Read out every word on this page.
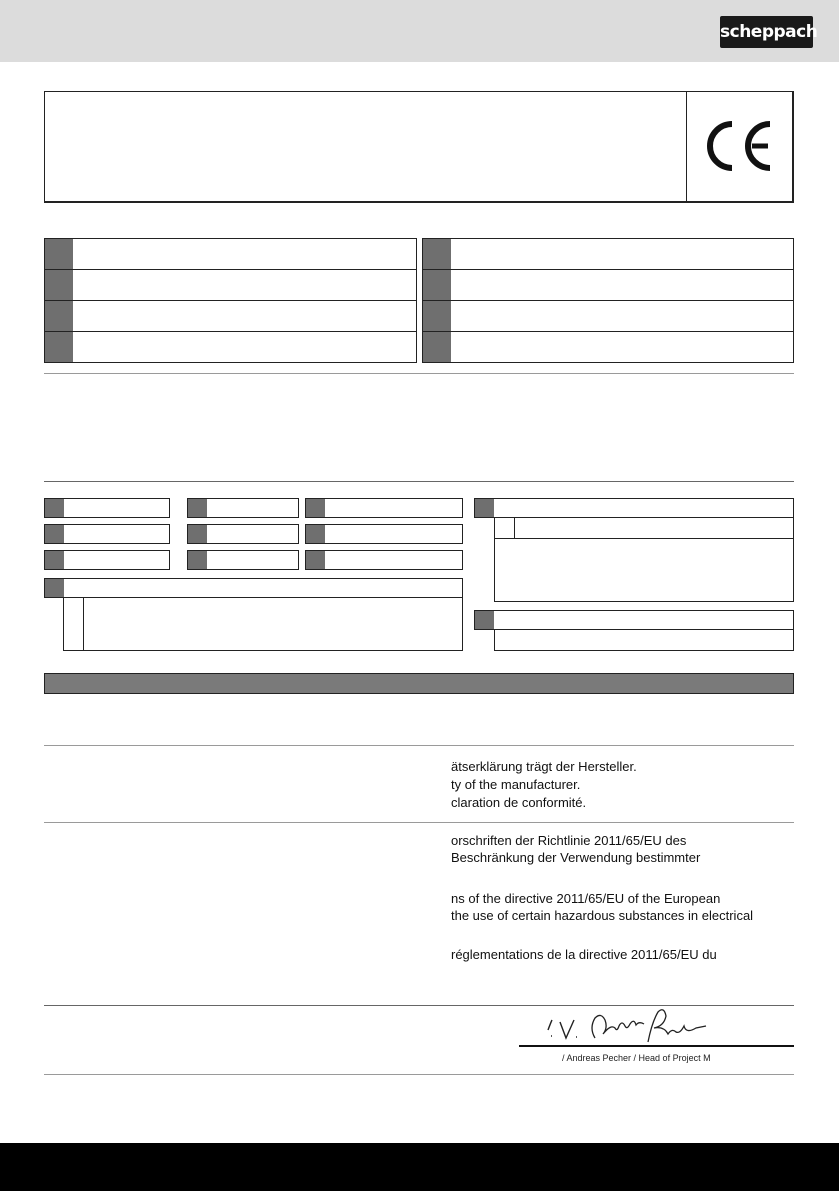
scheppach
ätserklärung trägt der Hersteller.
ty of the manufacturer.
claration de conformité.
orschriften der Richtlinie 2011/65/EU des
Beschränkung der Verwendung bestimmter
ns of the directive 2011/65/EU of the European
the use of certain hazardous substances in electrical
réglementations de la directive 2011/65/EU du
/ Andreas Pecher / Head of Project M
